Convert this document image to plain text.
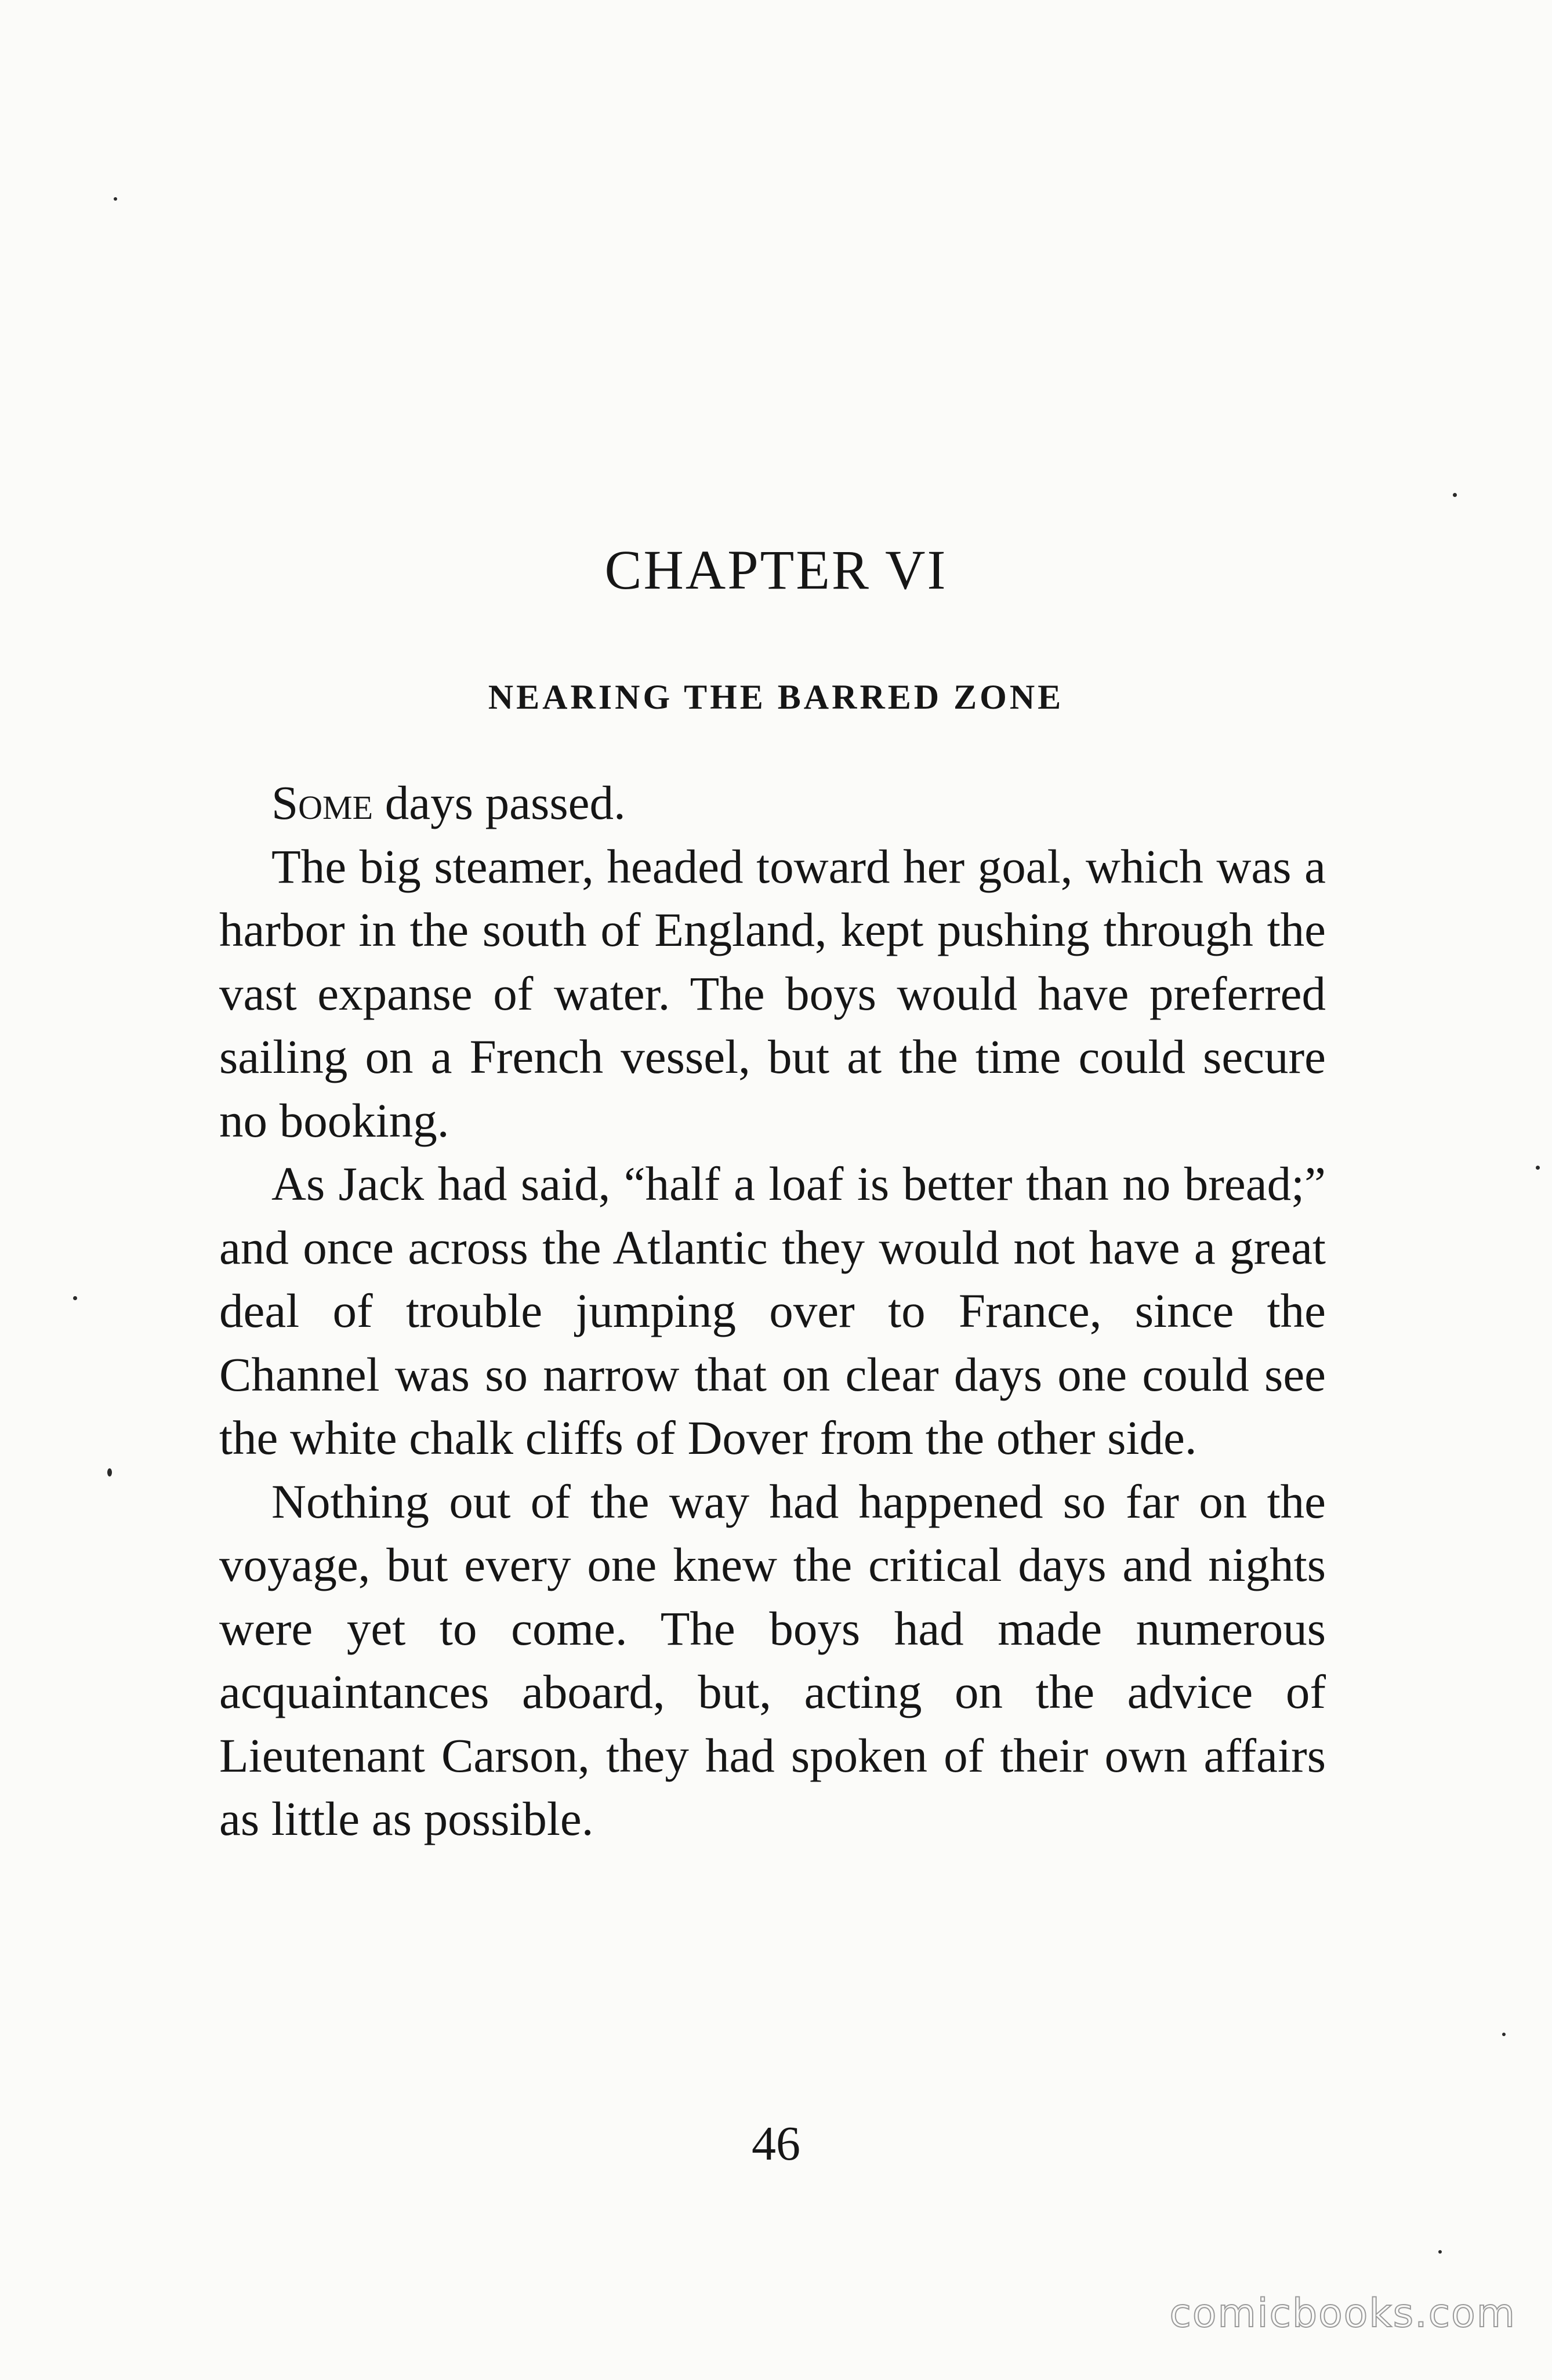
CHAPTER VI
NEARING THE BARRED ZONE

Some days passed.

The big steamer, headed toward her goal, which was a harbor in the south of England, kept pushing through the vast expanse of water. The boys would have preferred sailing on a French vessel, but at the time could secure no booking.

As Jack had said, “half a loaf is better than no bread;” and once across the Atlantic they would not have a great deal of trouble jumping over to France, since the Channel was so narrow that on clear days one could see the white chalk cliffs of Dover from the other side.

Nothing out of the way had happened so far on the voyage, but every one knew the critical days and nights were yet to come. The boys had made numerous acquaintances aboard, but, acting on the advice of Lieutenant Carson, they had spoken of their own affairs as little as possible.

46
comicbooks.com
